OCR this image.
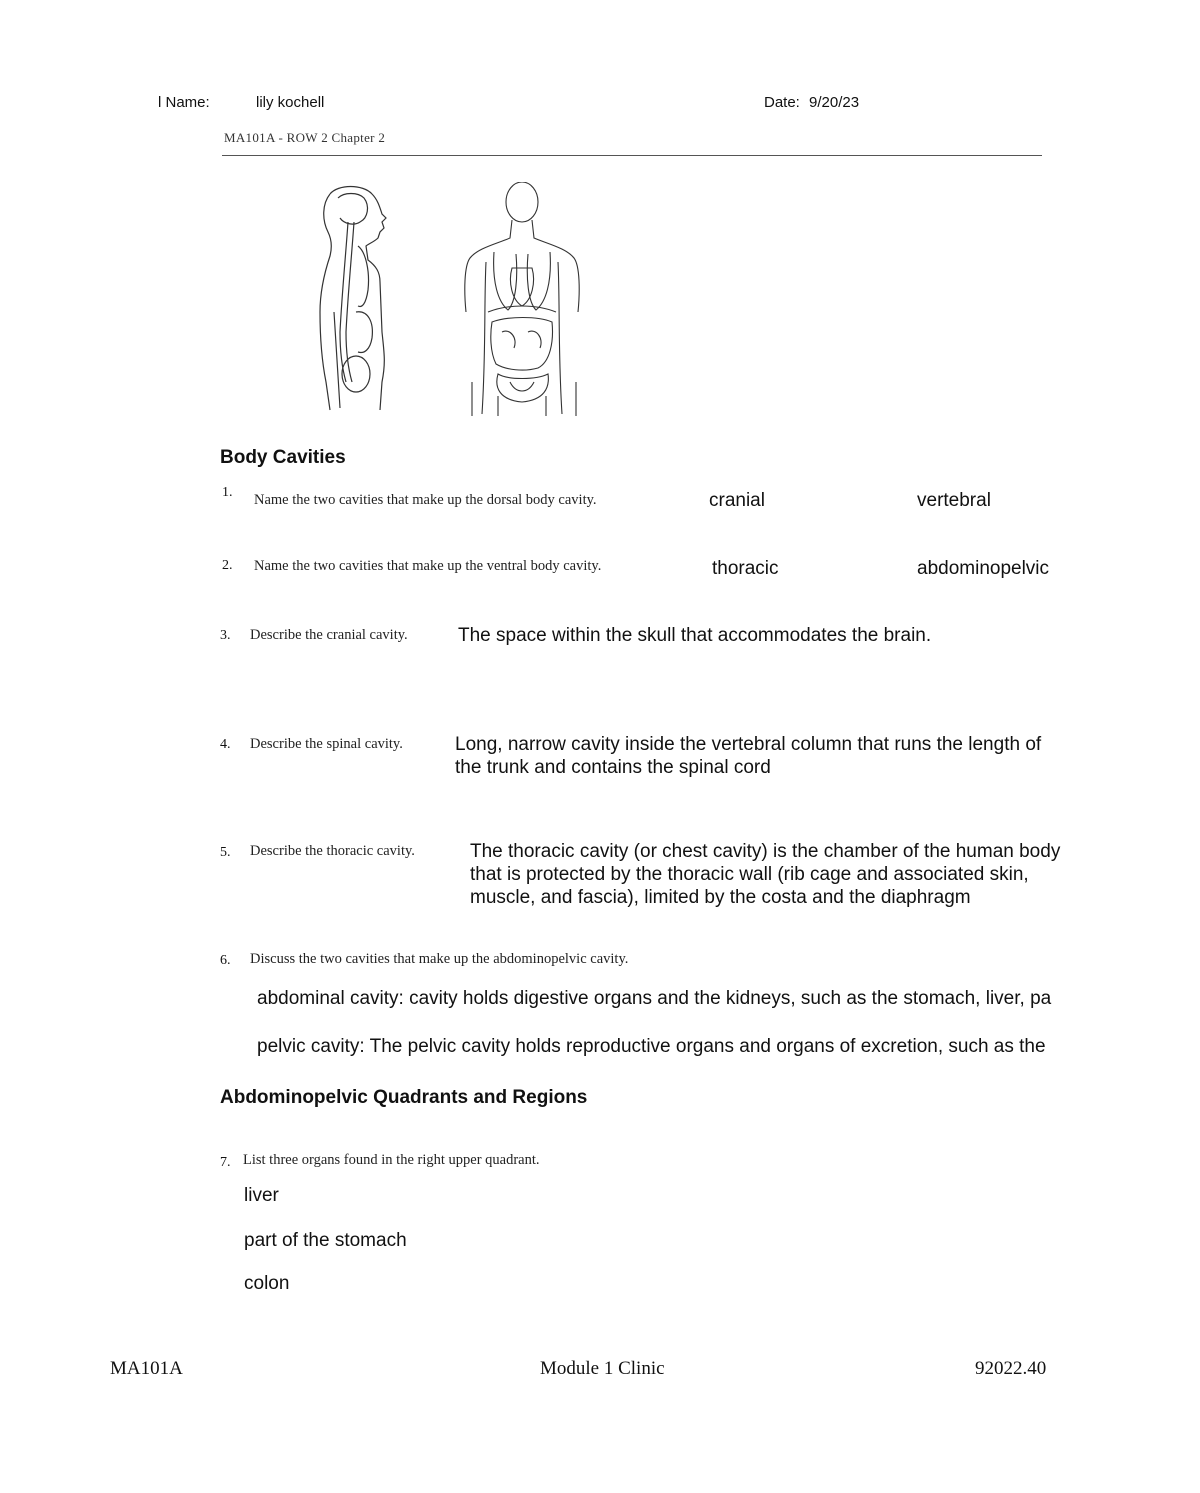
l Name:	lily kochell	Date: 9/20/23
MA101A - ROW 2 Chapter 2
Body Cavities
1. Name the two cavities that make up the dorsal body cavity.	cranial	vertebral
2. Name the two cavities that make up the ventral body cavity.	thoracic	abdominopelvic
3. Describe the cranial cavity.	The space within the skull that accommodates the brain.
4. Describe the spinal cavity.	Long, narrow cavity inside the vertebral column that runs the length of
the trunk and contains the spinal cord
5. Describe the thoracic cavity.	The thoracic cavity (or chest cavity) is the chamber of the human body
that is protected by the thoracic wall (rib cage and associated skin,
muscle, and fascia), limited by the costa and the diaphragm
6. Discuss the two cavities that make up the abdominopelvic cavity.
abdominal cavity: cavity holds digestive organs and the kidneys, such as the stomach, liver, pa
pelvic cavity: The pelvic cavity holds reproductive organs and organs of excretion, such as the
Abdominopelvic Quadrants and Regions
7. List three organs found in the right upper quadrant.
liver
part of the stomach
colon
MA101A	Module 1 Clinic	92022.40
